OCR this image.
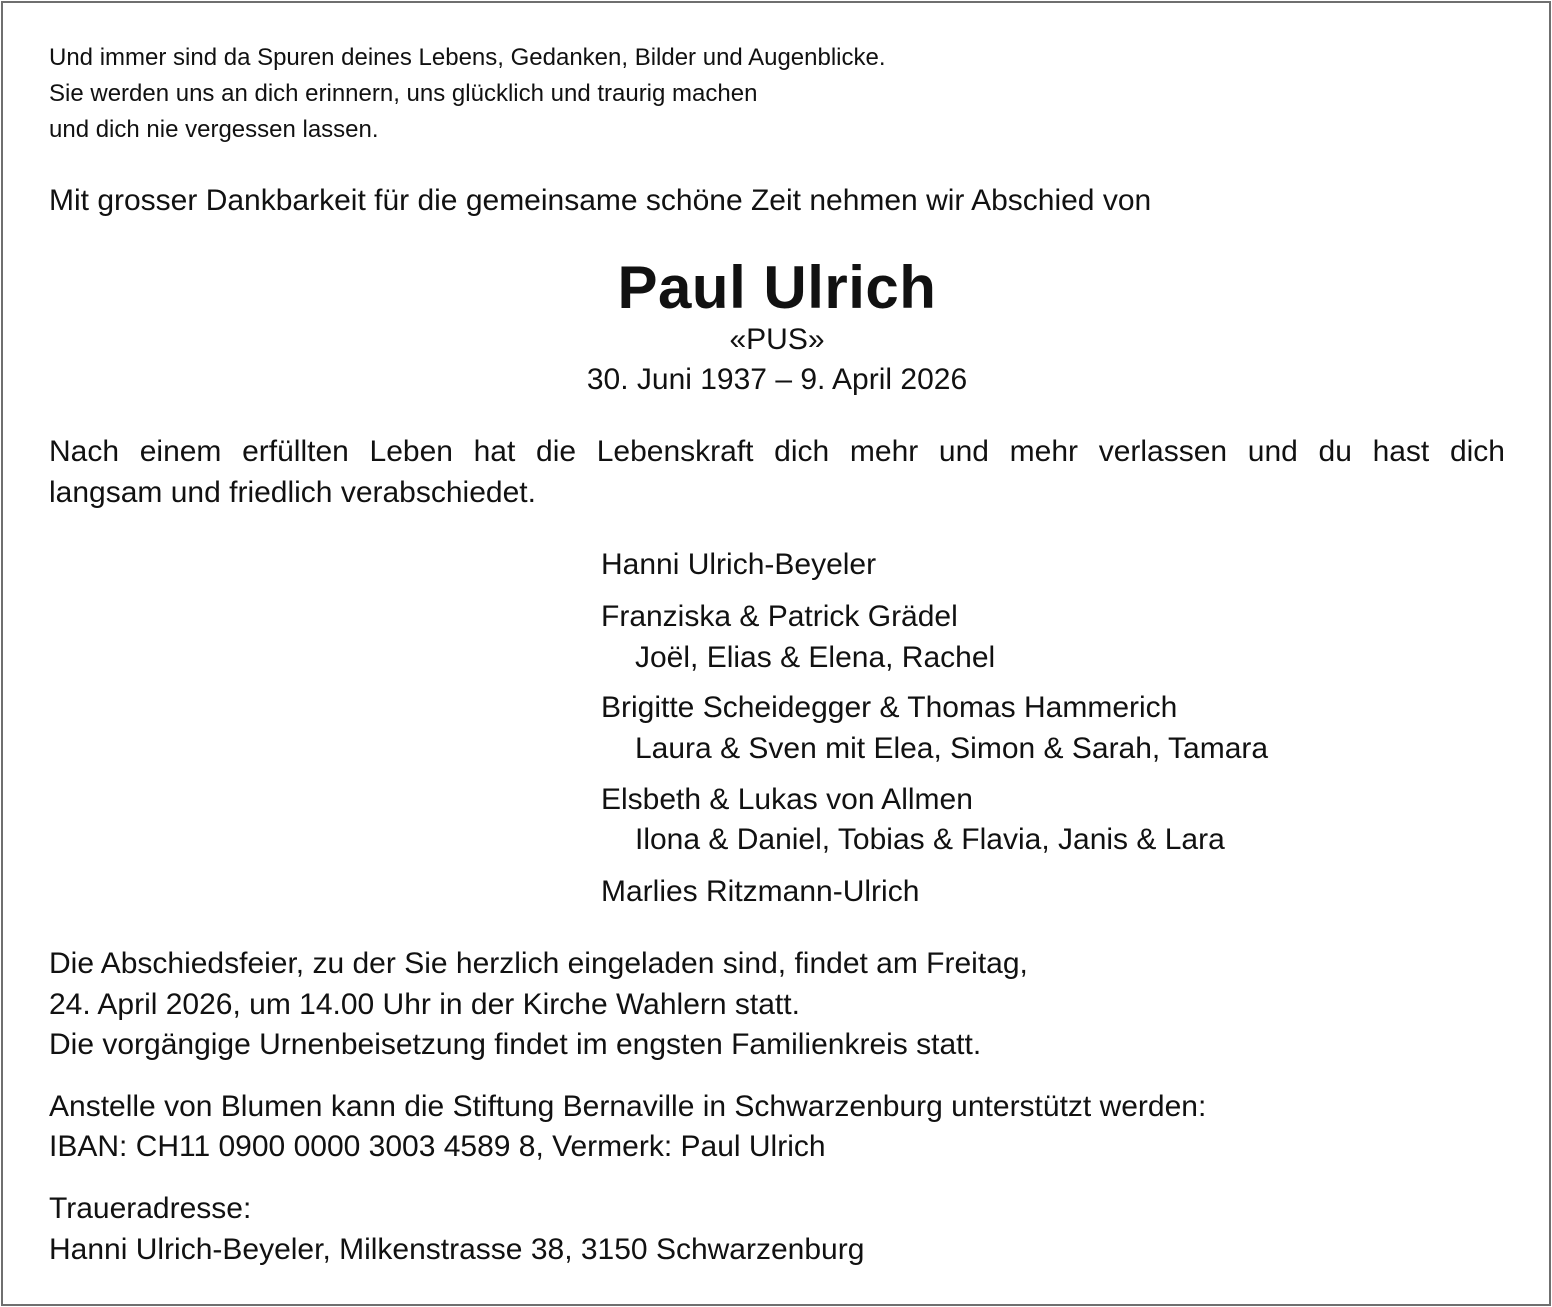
Und immer sind da Spuren deines Lebens, Gedanken, Bilder und Augenblicke.
Sie werden uns an dich erinnern, uns glücklich und traurig machen
und dich nie vergessen lassen.
Mit grosser Dankbarkeit für die gemeinsame schöne Zeit nehmen wir Abschied von
Paul Ulrich
«PUS»
30. Juni 1937 – 9. April 2026
Nach einem erfüllten Leben hat die Lebenskraft dich mehr und mehr verlassen und du hast dich
langsam und friedlich verabschiedet.
Hanni Ulrich-Beyeler
Franziska & Patrick Grädel
Joël, Elias & Elena, Rachel
Brigitte Scheidegger & Thomas Hammerich
Laura & Sven mit Elea, Simon & Sarah, Tamara
Elsbeth & Lukas von Allmen
Ilona & Daniel, Tobias & Flavia, Janis & Lara
Marlies Ritzmann-Ulrich
Die Abschiedsfeier, zu der Sie herzlich eingeladen sind, findet am Freitag,
24. April 2026, um 14.00 Uhr in der Kirche Wahlern statt.
Die vorgängige Urnenbeisetzung findet im engsten Familienkreis statt.
Anstelle von Blumen kann die Stiftung Bernaville in Schwarzenburg unterstützt werden:
IBAN: CH11 0900 0000 3003 4589 8, Vermerk: Paul Ulrich
Traueradresse:
Hanni Ulrich-Beyeler, Milkenstrasse 38, 3150 Schwarzenburg
